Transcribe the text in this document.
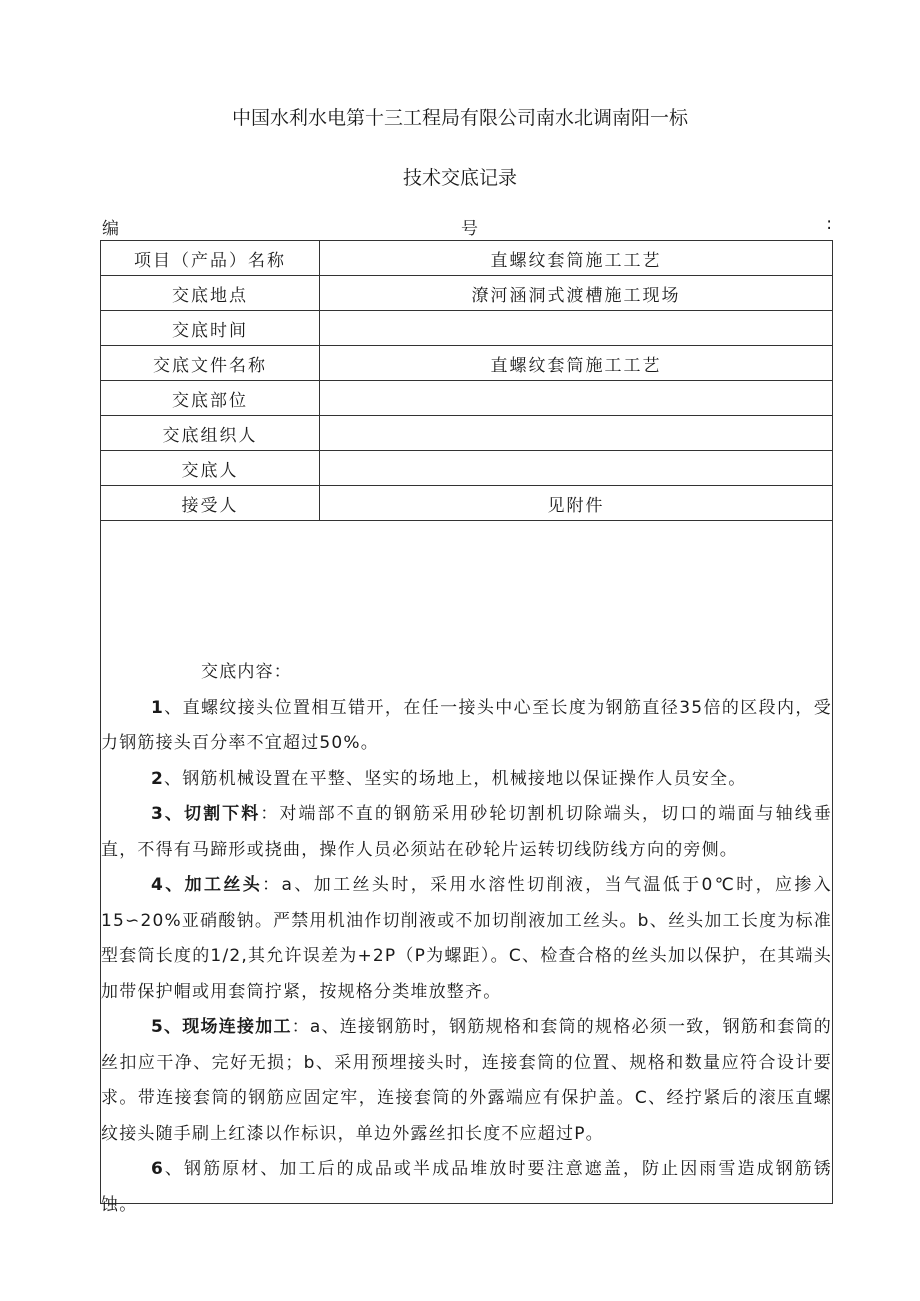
中国水利水电第十三工程局有限公司南水北调南阳一标
技术交底记录
编	号	:
项目（产品）名称	直螺纹套筒施工工艺
交底地点	潦河涵洞式渡槽施工现场
交底时间	
交底文件名称	直螺纹套筒施工工艺
交底部位	
交底组织人	
交底人	
接受人	见附件

交底内容：

1、直螺纹接头位置相互错开，在任一接头中心至长度为钢筋直径35倍的区段内，受力钢筋接头百分率不宜超过50%。

2、钢筋机械设置在平整、坚实的场地上，机械接地以保证操作人员安全。

3、切割下料：对端部不直的钢筋采用砂轮切割机切除端头，切口的端面与轴线垂直，不得有马蹄形或挠曲，操作人员必须站在砂轮片运转切线防线方向的旁侧。

4、加工丝头：a、加工丝头时，采用水溶性切削液，当气温低于0℃时，应掺入15∽20%亚硝酸钠。严禁用机油作切削液或不加切削液加工丝头。b、丝头加工长度为标准型套筒长度的1/2,其允许误差为+2P（P为螺距）。C、检查合格的丝头加以保护，在其端头加带保护帽或用套筒拧紧，按规格分类堆放整齐。

5、现场连接加工：a、连接钢筋时，钢筋规格和套筒的规格必须一致，钢筋和套筒的丝扣应干净、完好无损；b、采用预埋接头时，连接套筒的位置、规格和数量应符合设计要求。带连接套筒的钢筋应固定牢，连接套筒的外露端应有保护盖。C、经拧紧后的滚压直螺纹接头随手刷上红漆以作标识，单边外露丝扣长度不应超过P。

6、钢筋原材、加工后的成品或半成品堆放时要注意遮盖，防止因雨雪造成钢筋锈蚀。
